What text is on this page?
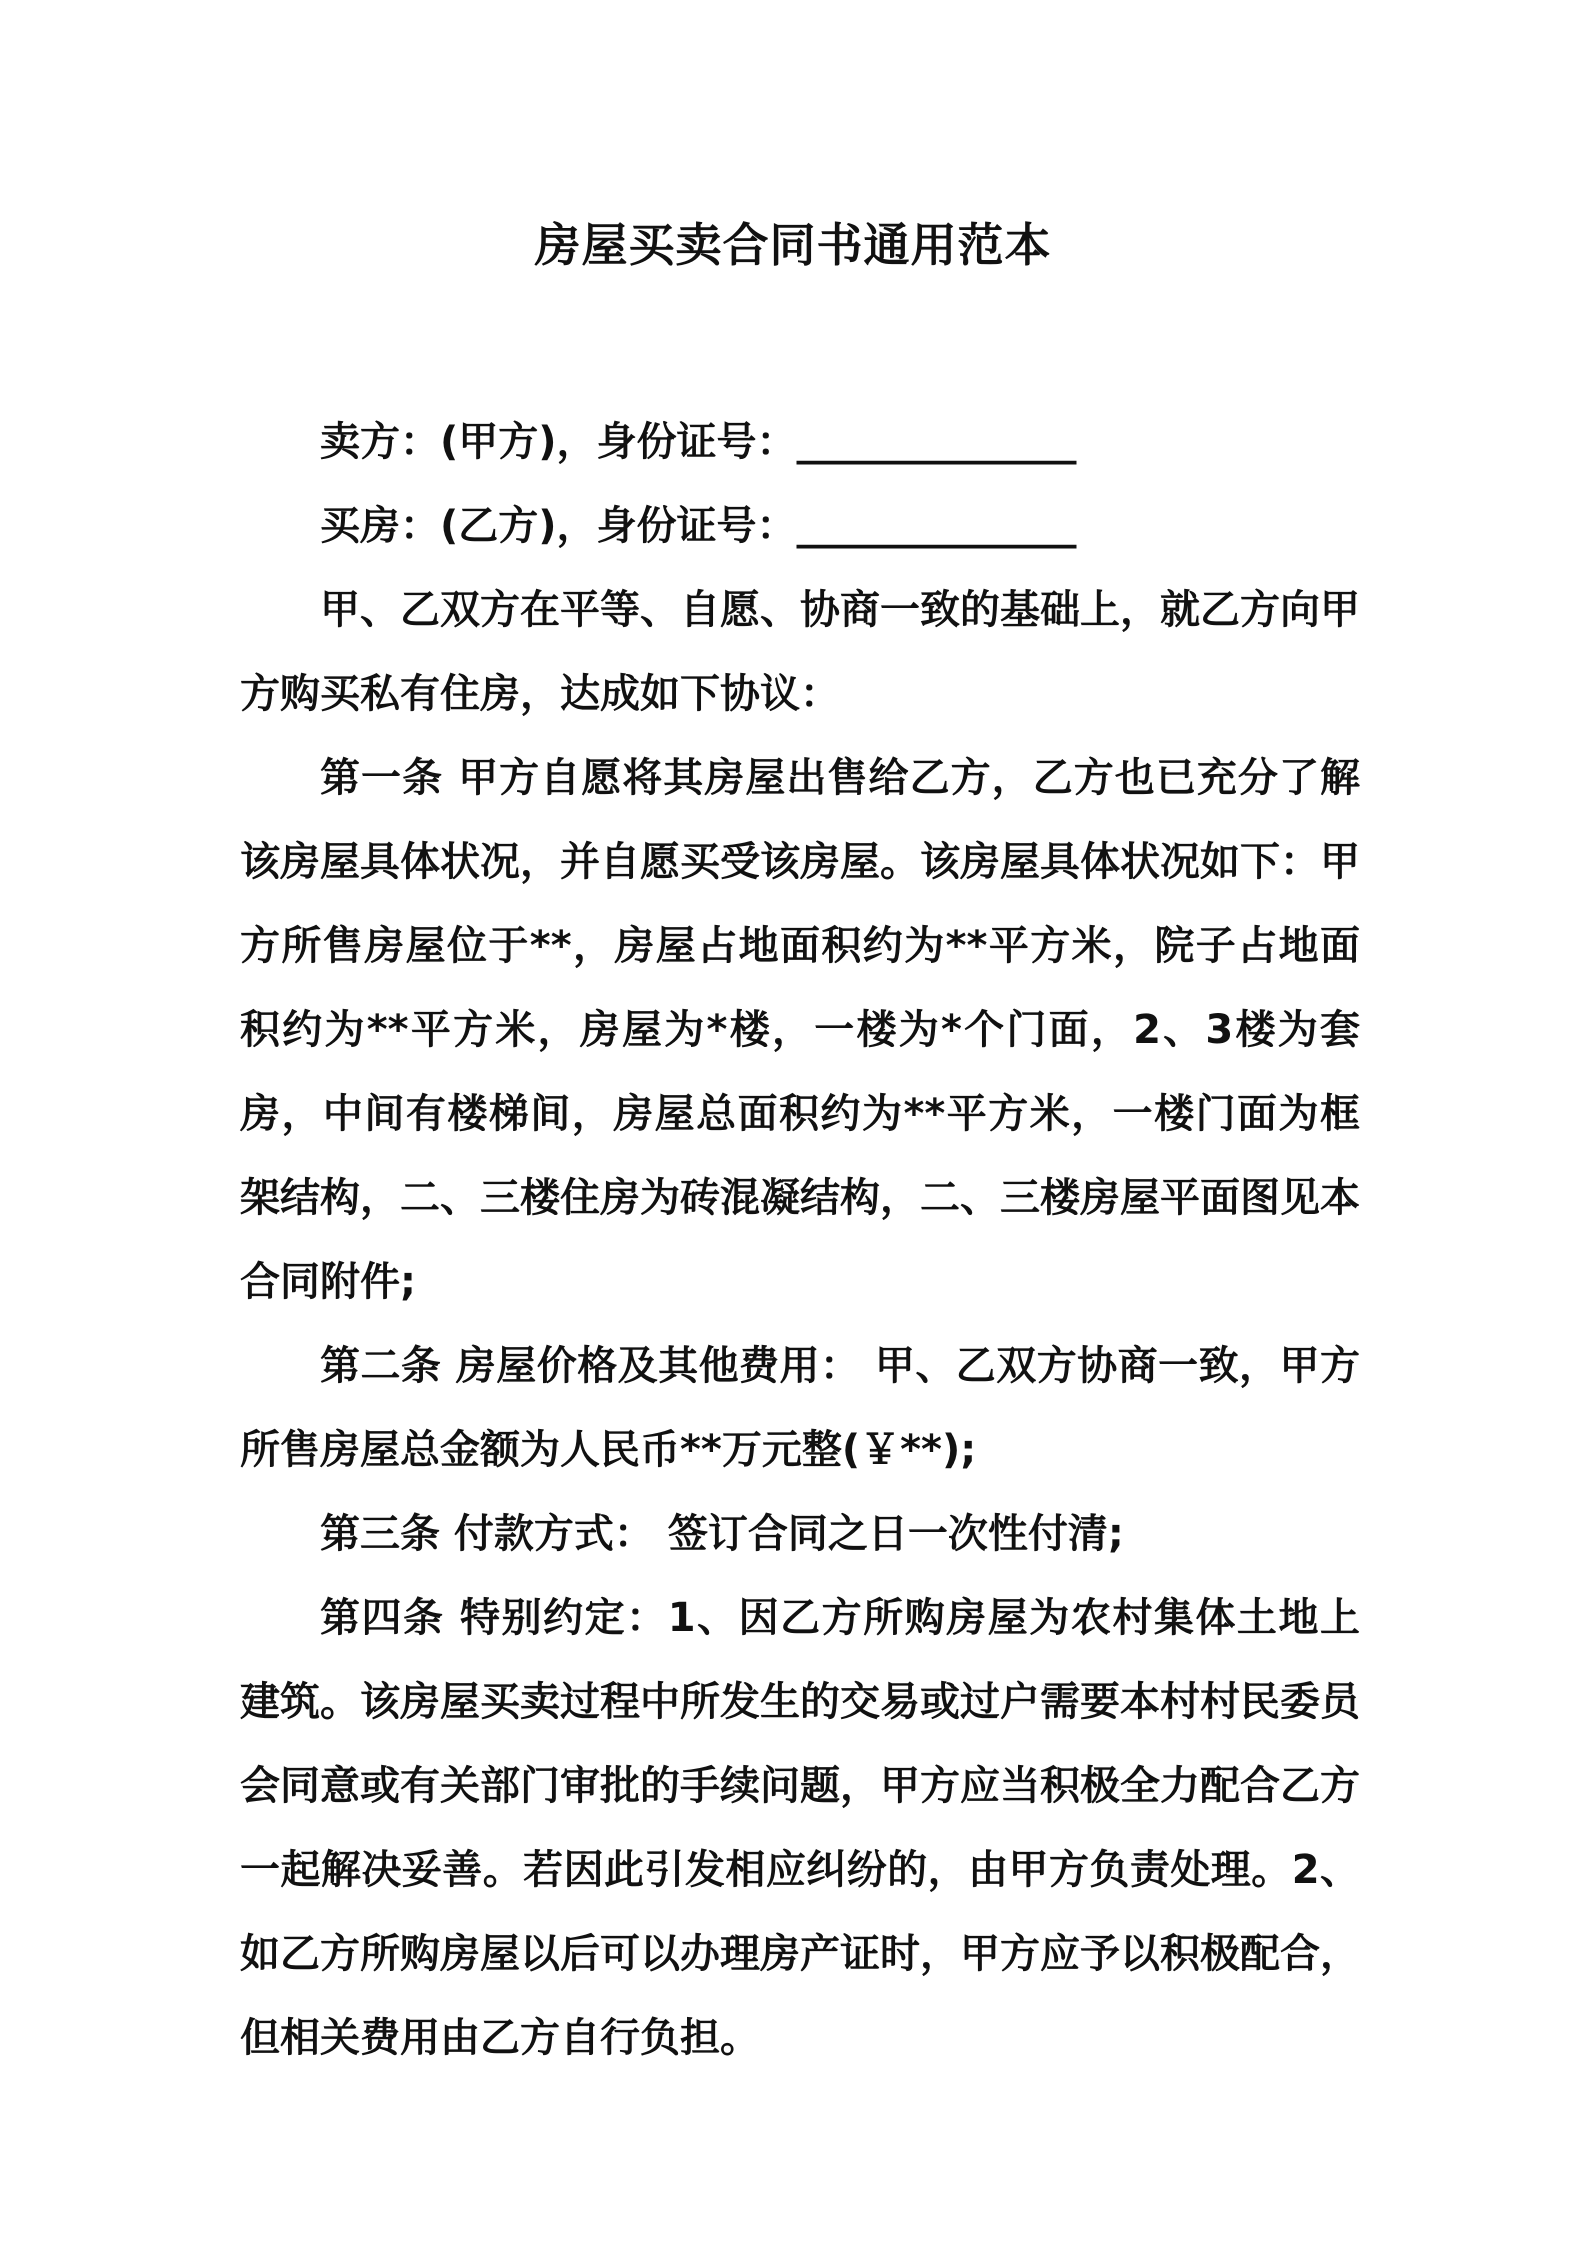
房屋买卖合同书通用范本

卖方：(甲方)，身份证号：______________

买房：(乙方)，身份证号：______________

甲、乙双方在平等、自愿、协商一致的基础上，就乙方向甲方购买私有住房，达成如下协议：

第一条 甲方自愿将其房屋出售给乙方，乙方也已充分了解该房屋具体状况，并自愿买受该房屋。该房屋具体状况如下：甲方所售房屋位于**，房屋占地面积约为**平方米，院子占地面积约为**平方米，房屋为*楼，一楼为*个门面，2、3楼为套房，中间有楼梯间，房屋总面积约为**平方米，一楼门面为框架结构，二、三楼住房为砖混凝结构，二、三楼房屋平面图见本合同附件;

第二条 房屋价格及其他费用： 甲、乙双方协商一致，甲方所售房屋总金额为人民币**万元整(￥**);

第三条 付款方式： 签订合同之日一次性付清;

第四条 特别约定：1、因乙方所购房屋为农村集体土地上建筑。该房屋买卖过程中所发生的交易或过户需要本村村民委员会同意或有关部门审批的手续问题，甲方应当积极全力配合乙方一起解决妥善。若因此引发相应纠纷的，由甲方负责处理。2、如乙方所购房屋以后可以办理房产证时，甲方应予以积极配合，但相关费用由乙方自行负担。
